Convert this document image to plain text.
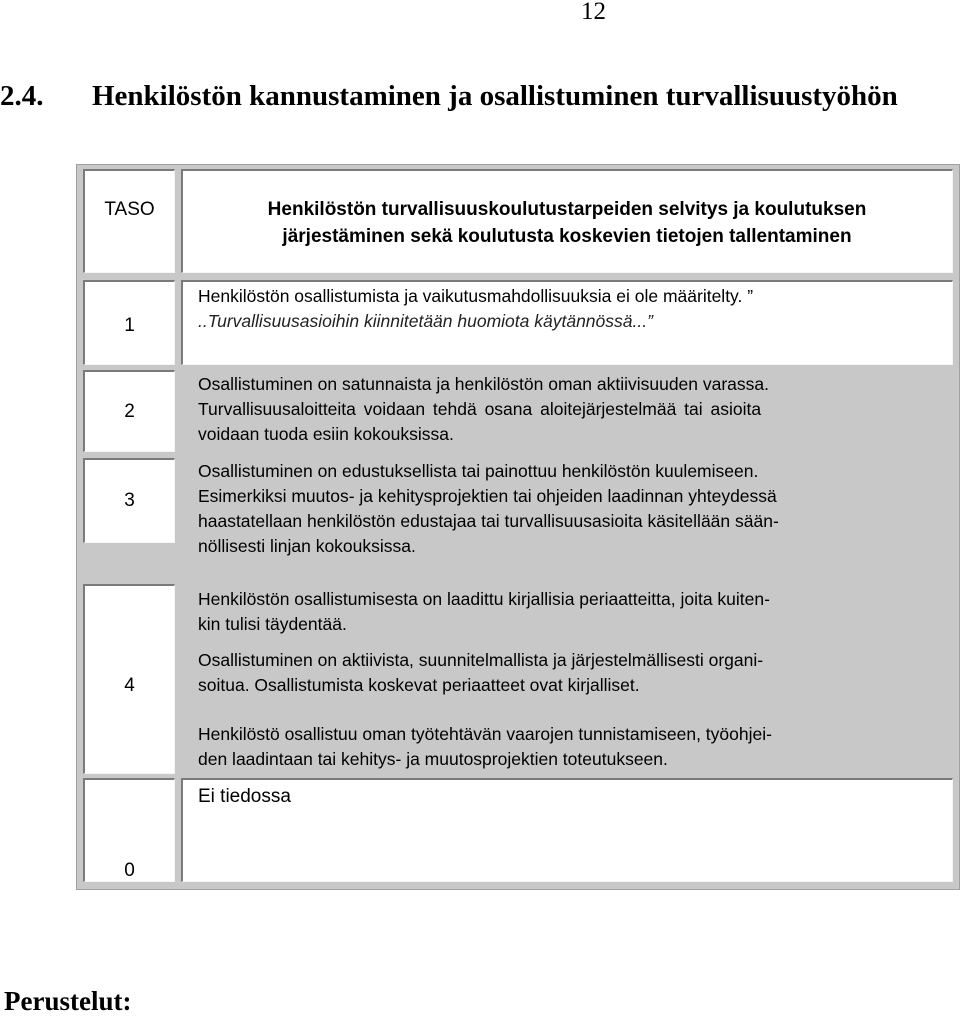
12
2.4. Henkilöstön kannustaminen ja osallistuminen turvallisuustyöhön
TASO
1
2
3
4
0
Henkilöstön turvallisuuskoulutustarpeiden selvitys ja koulutuksen
järjestäminen sekä koulutusta koskevien tietojen tallentaminen
Henkilöstön osallistumista ja vaikutusmahdollisuuksia ei ole määritelty. ”
..Turvallisuusasioihin kiinnitetään huomiota käytännössä...”
Osallistuminen on satunnaista ja henkilöstön oman aktiivisuuden varassa.
Turvallisuusaloitteita voidaan tehdä osana aloitejärjestelmää tai asioita
voidaan tuoda esiin kokouksissa.
Osallistuminen on edustuksellista tai painottuu henkilöstön kuulemiseen.
Esimerkiksi muutos- ja kehitysprojektien tai ohjeiden laadinnan yhteydessä
haastatellaan henkilöstön edustajaa tai turvallisuusasioita käsitellään sään-
nöllisesti linjan kokouksissa.
Henkilöstön osallistumisesta on laadittu kirjallisia periaatteitta, joita kuiten-
kin tulisi täydentää.
Osallistuminen on aktiivista, suunnitelmallista ja järjestelmällisesti organi-
soitua. Osallistumista koskevat periaatteet ovat kirjalliset.
Henkilöstö osallistuu oman työtehtävän vaarojen tunnistamiseen, työohjei-
den laadintaan tai kehitys- ja muutosprojektien toteutukseen.
Ei tiedossa
Perustelut:
